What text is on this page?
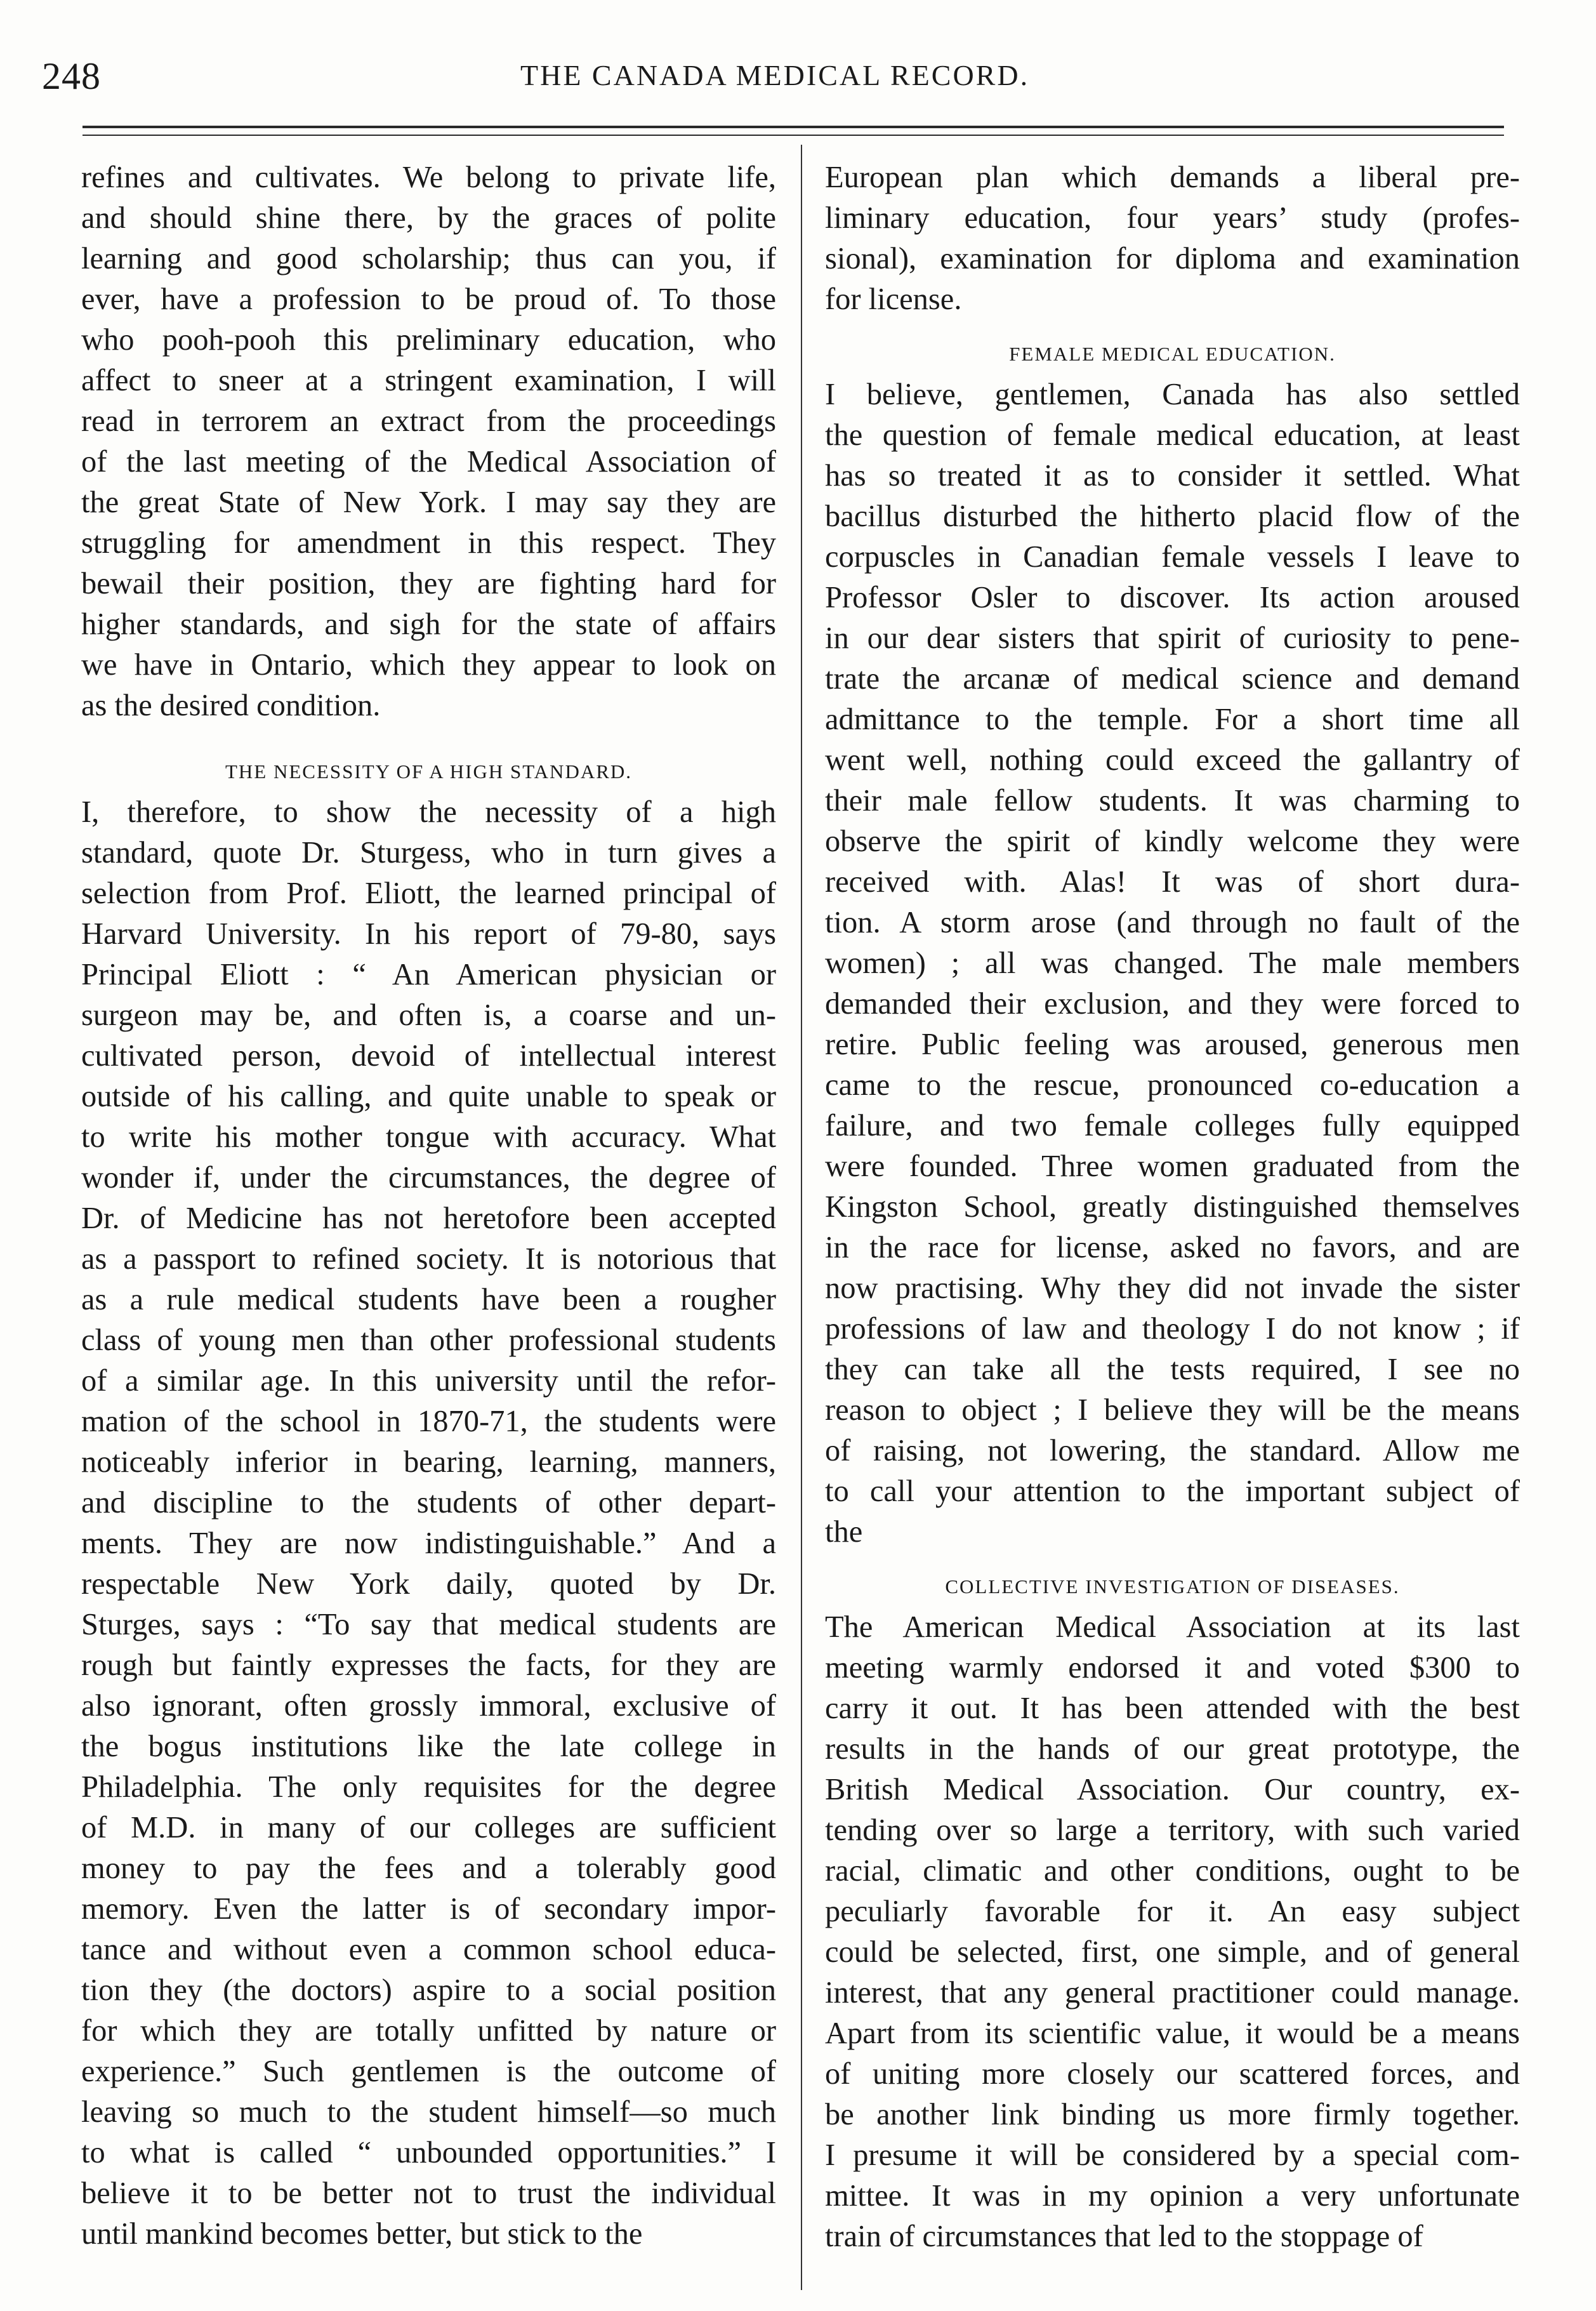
248	THE CANADA MEDICAL RECORD.
refines and cultivates. We belong to private life,
and should shine there, by the graces of polite
learning and good scholarship; thus can you, if
ever, have a profession to be proud of. To those
who pooh-pooh this preliminary education, who
affect to sneer at a stringent examination, I will
read in terrorem an extract from the proceedings
of the last meeting of the Medical Association of
the great State of New York. I may say they are
struggling for amendment in this respect. They
bewail their position, they are fighting hard for
higher standards, and sigh for the state of affairs
we have in Ontario, which they appear to look on
as the desired condition.
THE NECESSITY OF A HIGH STANDARD.
I, therefore, to show the necessity of a high
standard, quote Dr. Sturgess, who in turn gives a
selection from Prof. Eliott, the learned principal of
Harvard University. In his report of 79-80, says
Principal Eliott : “ An American physician or
surgeon may be, and often is, a coarse and un-
cultivated person, devoid of intellectual interest
outside of his calling, and quite unable to speak or
to write his mother tongue with accuracy. What
wonder if, under the circumstances, the degree of
Dr. of Medicine has not heretofore been accepted
as a passport to refined society. It is notorious that
as a rule medical students have been a rougher
class of young men than other professional students
of a similar age. In this university until the refor-
mation of the school in 1870-71, the students were
noticeably inferior in bearing, learning, manners,
and discipline to the students of other depart-
ments. They are now indistinguishable.” And a
respectable New York daily, quoted by Dr.
Sturges, says : “To say that medical students are
rough but faintly expresses the facts, for they are
also ignorant, often grossly immoral, exclusive of
the bogus institutions like the late college in
Philadelphia. The only requisites for the degree
of M.D. in many of our colleges are sufficient
money to pay the fees and a tolerably good
memory. Even the latter is of secondary impor-
tance and without even a common school educa-
tion they (the doctors) aspire to a social position
for which they are totally unfitted by nature or
experience.” Such gentlemen is the outcome of
leaving so much to the student himself—so much
to what is called “ unbounded opportunities.” I
believe it to be better not to trust the individual
until mankind becomes better, but stick to the
European plan which demands a liberal pre-
liminary education, four years’ study (profes-
sional), examination for diploma and examination
for license.
FEMALE MEDICAL EDUCATION.
I believe, gentlemen, Canada has also settled
the question of female medical education, at least
has so treated it as to consider it settled. What
bacillus disturbed the hitherto placid flow of the
corpuscles in Canadian female vessels I leave to
Professor Osler to discover. Its action aroused
in our dear sisters that spirit of curiosity to pene-
trate the arcanæ of medical science and demand
admittance to the temple. For a short time all
went well, nothing could exceed the gallantry of
their male fellow students. It was charming to
observe the spirit of kindly welcome they were
received with. Alas! It was of short dura-
tion. A storm arose (and through no fault of the
women) ; all was changed. The male members
demanded their exclusion, and they were forced to
retire. Public feeling was aroused, generous men
came to the rescue, pronounced co-education a
failure, and two female colleges fully equipped
were founded. Three women graduated from the
Kingston School, greatly distinguished themselves
in the race for license, asked no favors, and are
now practising. Why they did not invade the sister
professions of law and theology I do not know ; if
they can take all the tests required, I see no
reason to object ; I believe they will be the means
of raising, not lowering, the standard. Allow me
to call your attention to the important subject of
the
COLLECTIVE INVESTIGATION OF DISEASES.
The American Medical Association at its last
meeting warmly endorsed it and voted $300 to
carry it out. It has been attended with the best
results in the hands of our great prototype, the
British Medical Association. Our country, ex-
tending over so large a territory, with such varied
racial, climatic and other conditions, ought to be
peculiarly favorable for it. An easy subject
could be selected, first, one simple, and of general
interest, that any general practitioner could manage.
Apart from its scientific value, it would be a means
of uniting more closely our scattered forces, and
be another link binding us more firmly together.
I presume it will be considered by a special com-
mittee. It was in my opinion a very unfortunate
train of circumstances that led to the stoppage of
